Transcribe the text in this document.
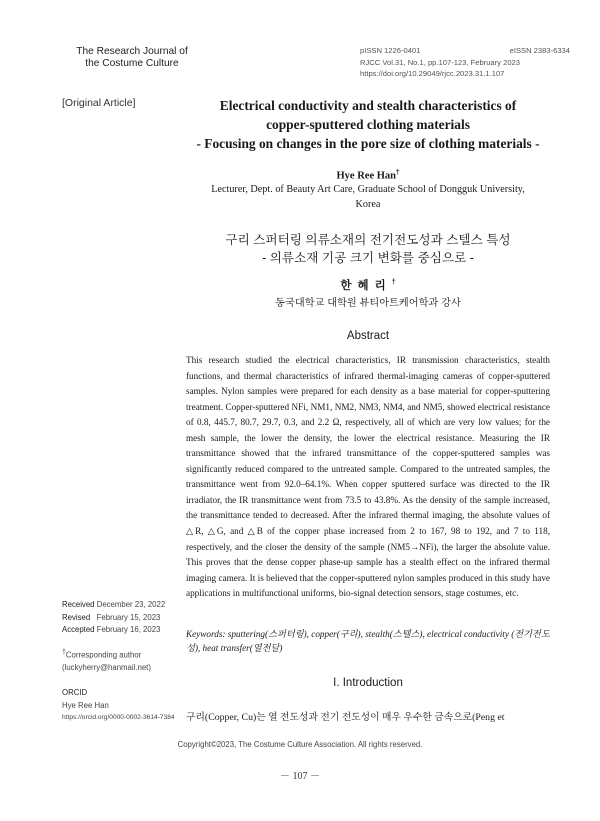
The Research Journal of
the Costume Culture
pISSN 1226-0401	eISSN 2383-6334
RJCC Vol.31, No.1, pp.107-123, February 2023
https://doi.org/10.29049/rjcc.2023.31.1.107
[Original Article]	Electrical conductivity and stealth characteristics of
copper-sputtered clothing materials
- Focusing on changes in the pore size of clothing materials -
Hye Ree Han†
Lecturer, Dept. of Beauty Art Care, Graduate School of Dongguk University,
Korea
구리 스퍼터링 의류소재의 전기전도성과 스텔스 특성
- 의류소재 기공 크기 변화를 중심으로 -
한혜리†
동국대학교 대학원 뷰티아트케어학과 강사
Abstract
This research studied the electrical characteristics, IR transmission characteristics, stealth functions, and thermal characteristics of infrared thermal-imaging cameras of copper-sputtered samples. Nylon samples were prepared for each density as a base material for copper-sputtering treatment. Copper-sputtered NFi, NM1, NM2, NM3, NM4, and NM5, showed electrical resistance of 0.8, 445.7, 80.7, 29.7, 0.3, and 2.2 Ω, respectively, all of which are very low values; for the mesh sample, the lower the density, the lower the electrical resistance. Measuring the IR transmittance showed that the infrared transmittance of the copper-sputtered samples was significantly reduced compared to the untreated sample. Compared to the untreated samples, the transmittance went from 92.0–64.1%. When copper sputtered surface was directed to the IR irradiator, the IR transmittance went from 73.5 to 43.8%. As the density of the sample increased, the transmittance tended to decreased. After the infrared thermal imaging, the absolute values of △R, △G, and △B of the copper phase increased from 2 to 167, 98 to 192, and 7 to 118, respectively, and the closer the density of the sample (NM5→NFi), the larger the absolute value. This proves that the dense copper phase-up sample has a stealth effect on the infrared thermal imaging camera. It is believed that the copper-sputtered nylon samples produced in this study have applications in multifunctional uniforms, bio-signal detection sensors, stage costumes, etc.
Keywords: sputtering(스퍼터링), copper(구리), stealth(스텔스), electrical conductivity (전기전도성), heat transfer(열전달)
I. Introduction
구리(Copper, Cu)는 열 전도성과 전기 전도성이 매우 우수한 금속으로(Peng et
Received December 23, 2022
Revised February 15, 2023
Accepted February 16, 2023
†Corresponding author
(luckyherry@hanmail.net)
ORCID
Hye Ree Han
https://orcid.org/0000-0002-3614-7384
Copyright©2023, The Costume Culture Association. All rights reserved.
－ 107 －
